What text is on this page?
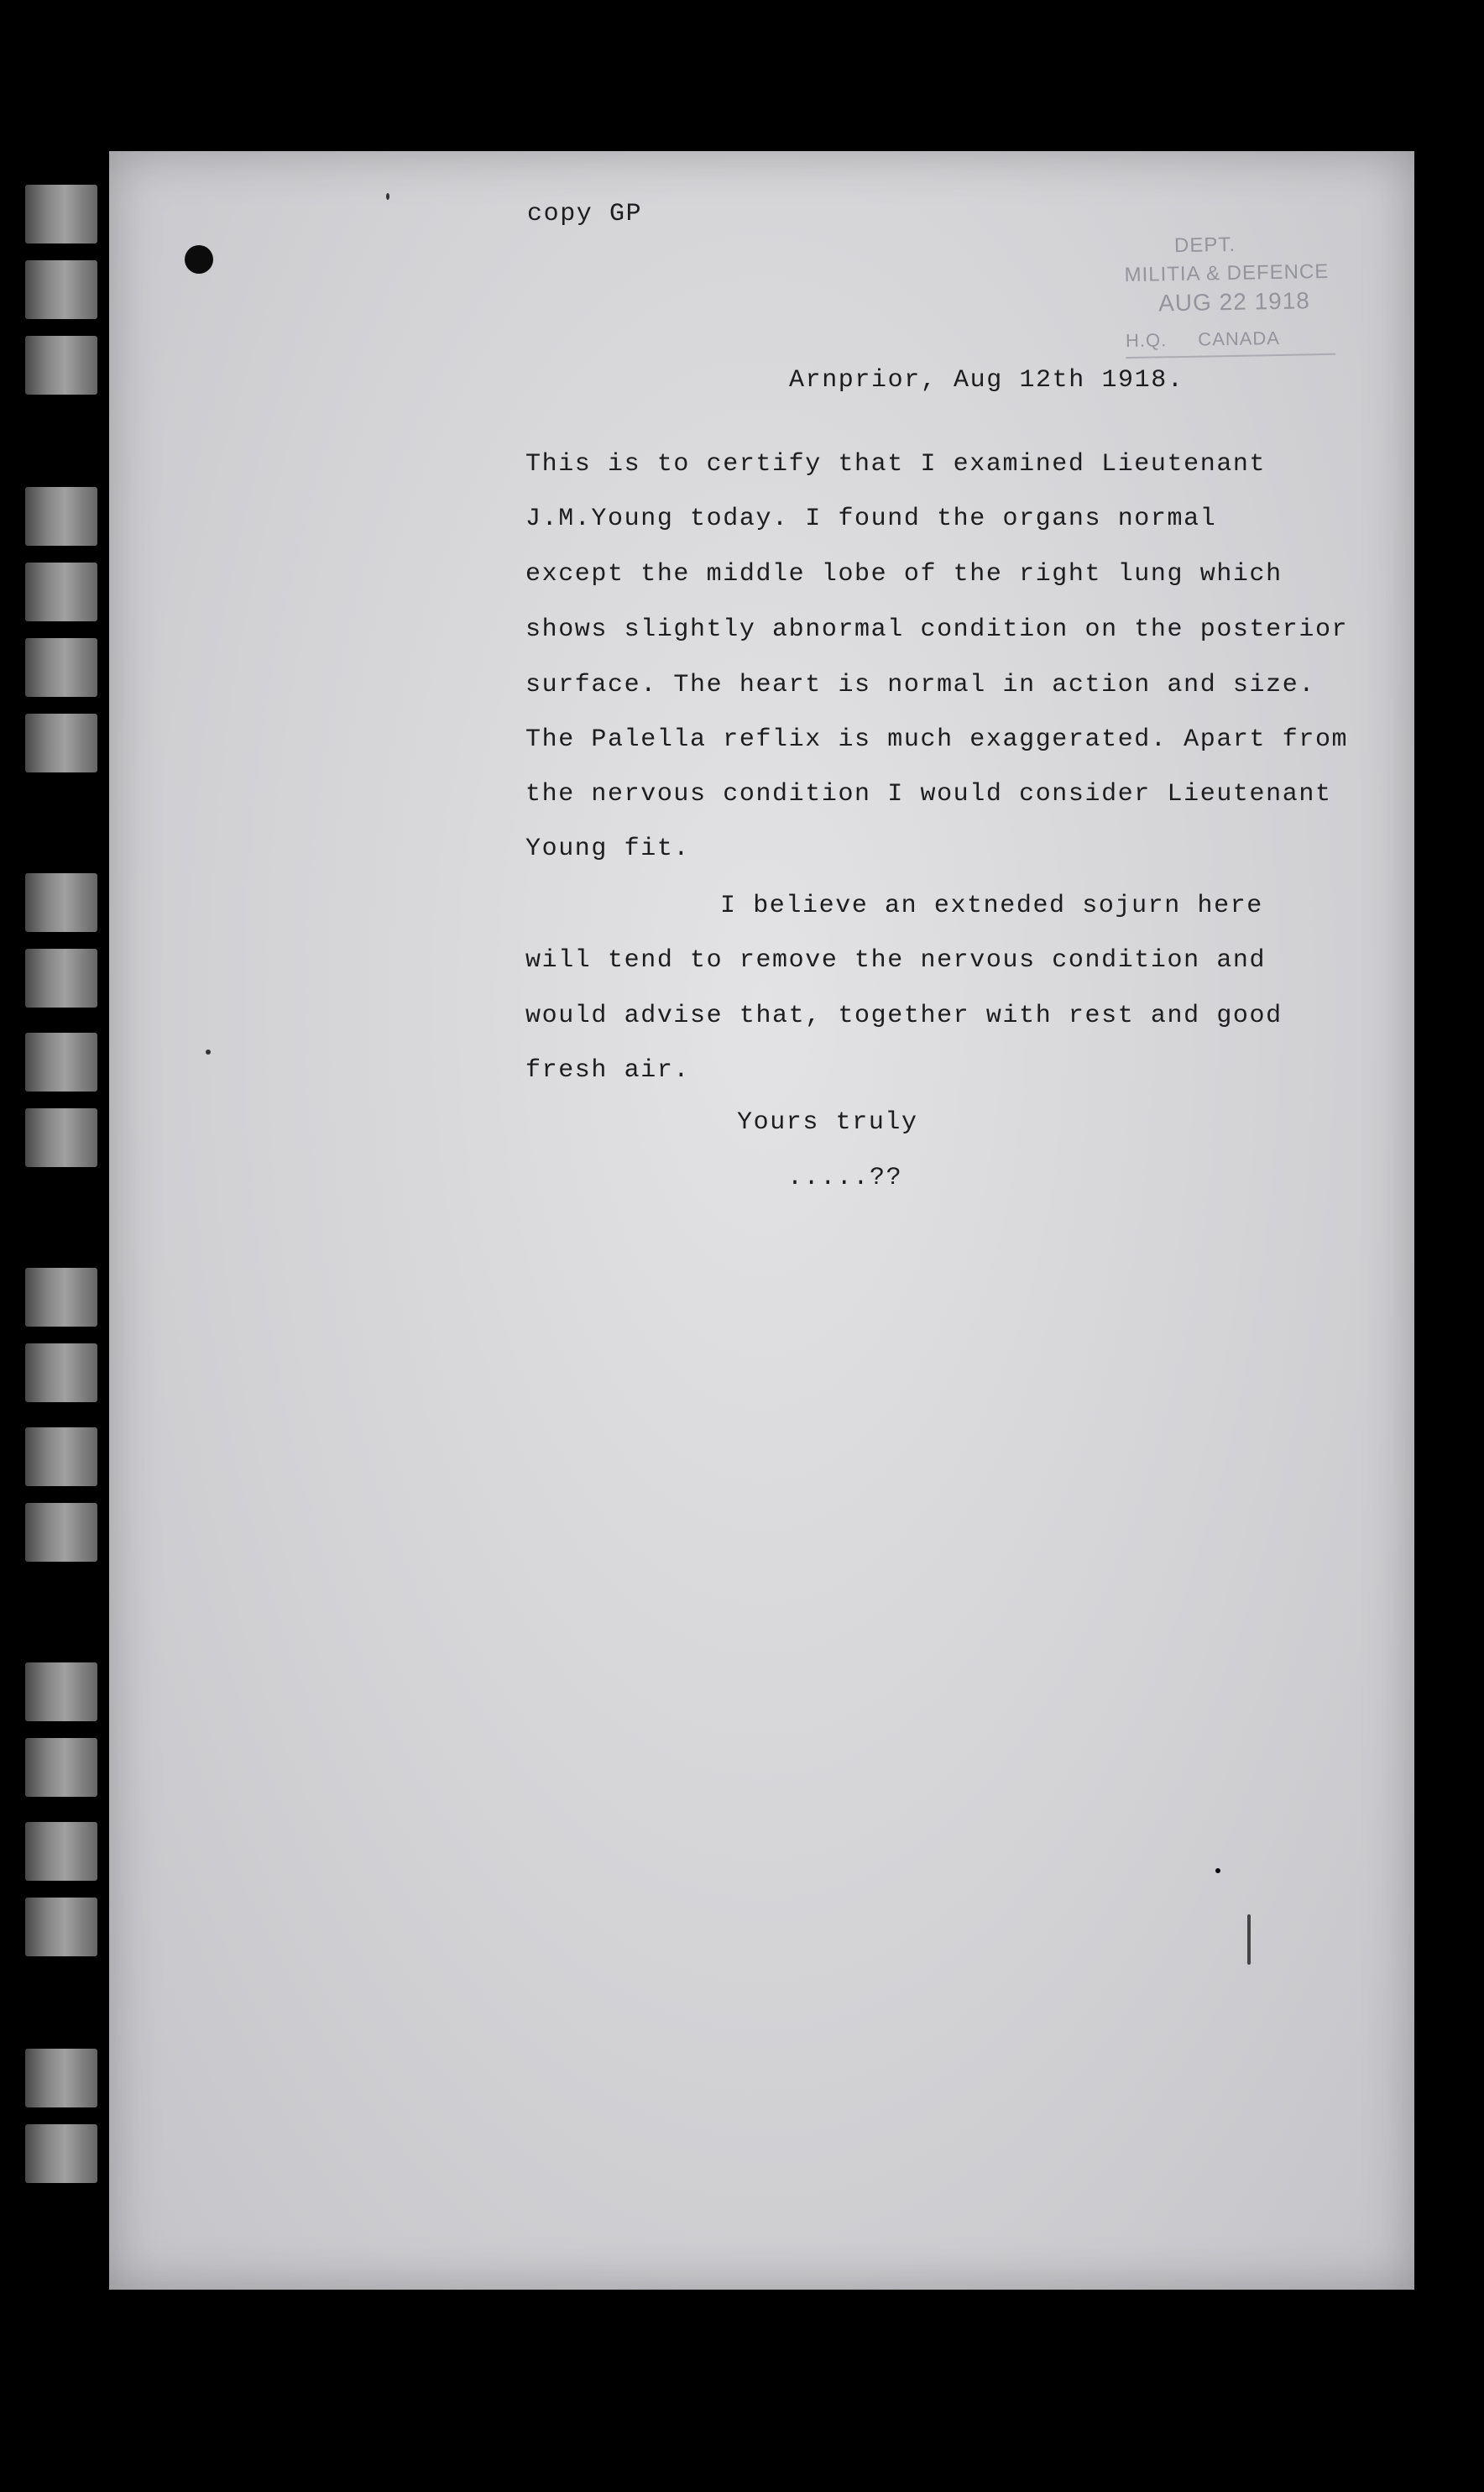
DEPT.
MILITIA & DEFENCE
AUG 22 1918
H.Q. CANADA
copy GP
Arnprior, Aug 12th 1918.
This is to certify that I examined Lieutenant
J.M.Young today. I found the organs normal
except the middle lobe of the right lung which
shows slightly abnormal condition on the posterior
surface. The heart is normal in action and size.
The Palella reflix is much exaggerated. Apart from
the nervous condition I would consider Lieutenant
Young fit.
I believe an extneded sojurn here
will tend to remove the nervous condition and
would advise that, together with rest and good
fresh air.
Yours truly
.....??
